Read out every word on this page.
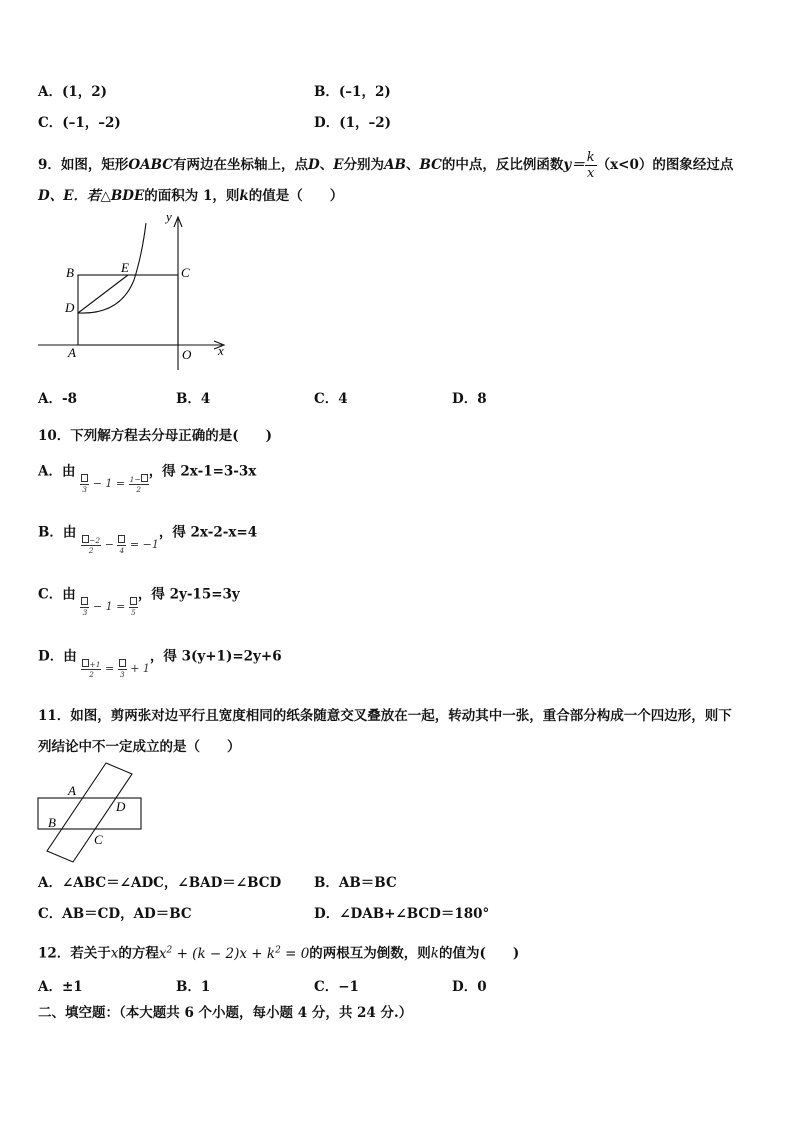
A．(1，2)	B．(–1，2)
C．(–1，–2)	D．(1，–2)
9．如图，矩形OABC有两边在坐标轴上，点D、E分别为AB、BC的中点，反比例函数$y= \frac{k}{x} (x<0)$的图象经过点
D、E．若△BDE的面积为 1，则k的值是（　　）
y
x
B	E	C
D
A	O
A．-8	B．4	C．4	D．8
10．下列解方程去分母正确的是(　　)
A．由
$3 - 1 = \frac{1-}{2}$
，得 2x-1=3-3x
B．由
$\frac{-2}{2} - 4 = -1$，得 2x-2-x=4
C．由
3 − 1 = 5
，得 2y-15=3y
D．由
$\frac{+1}{2} = 3 + 1$，得 3(y+1)=2y+6
11．如图，剪两张对边平行且宽度相同的纸条随意交叉叠放在一起，转动其中一张，重合部分构成一个四边形，则下
列结论中不一定成立的是（　　）
A
D
B
C
A．∠ABC＝∠ADC，∠BAD＝∠BCD B．AB＝BC
C．AB＝CD，AD＝BC	D．∠DAB+∠BCD＝180°
12．若关于x的方程$x^2 + (k - 2)x + k^2 = 0$的两根互为倒数，则k的值为(　　)
A．±1	B．1	C．−1	D．0
二、填空题：（本大题共 6 个小题，每小题 4 分，共 24 分.）
